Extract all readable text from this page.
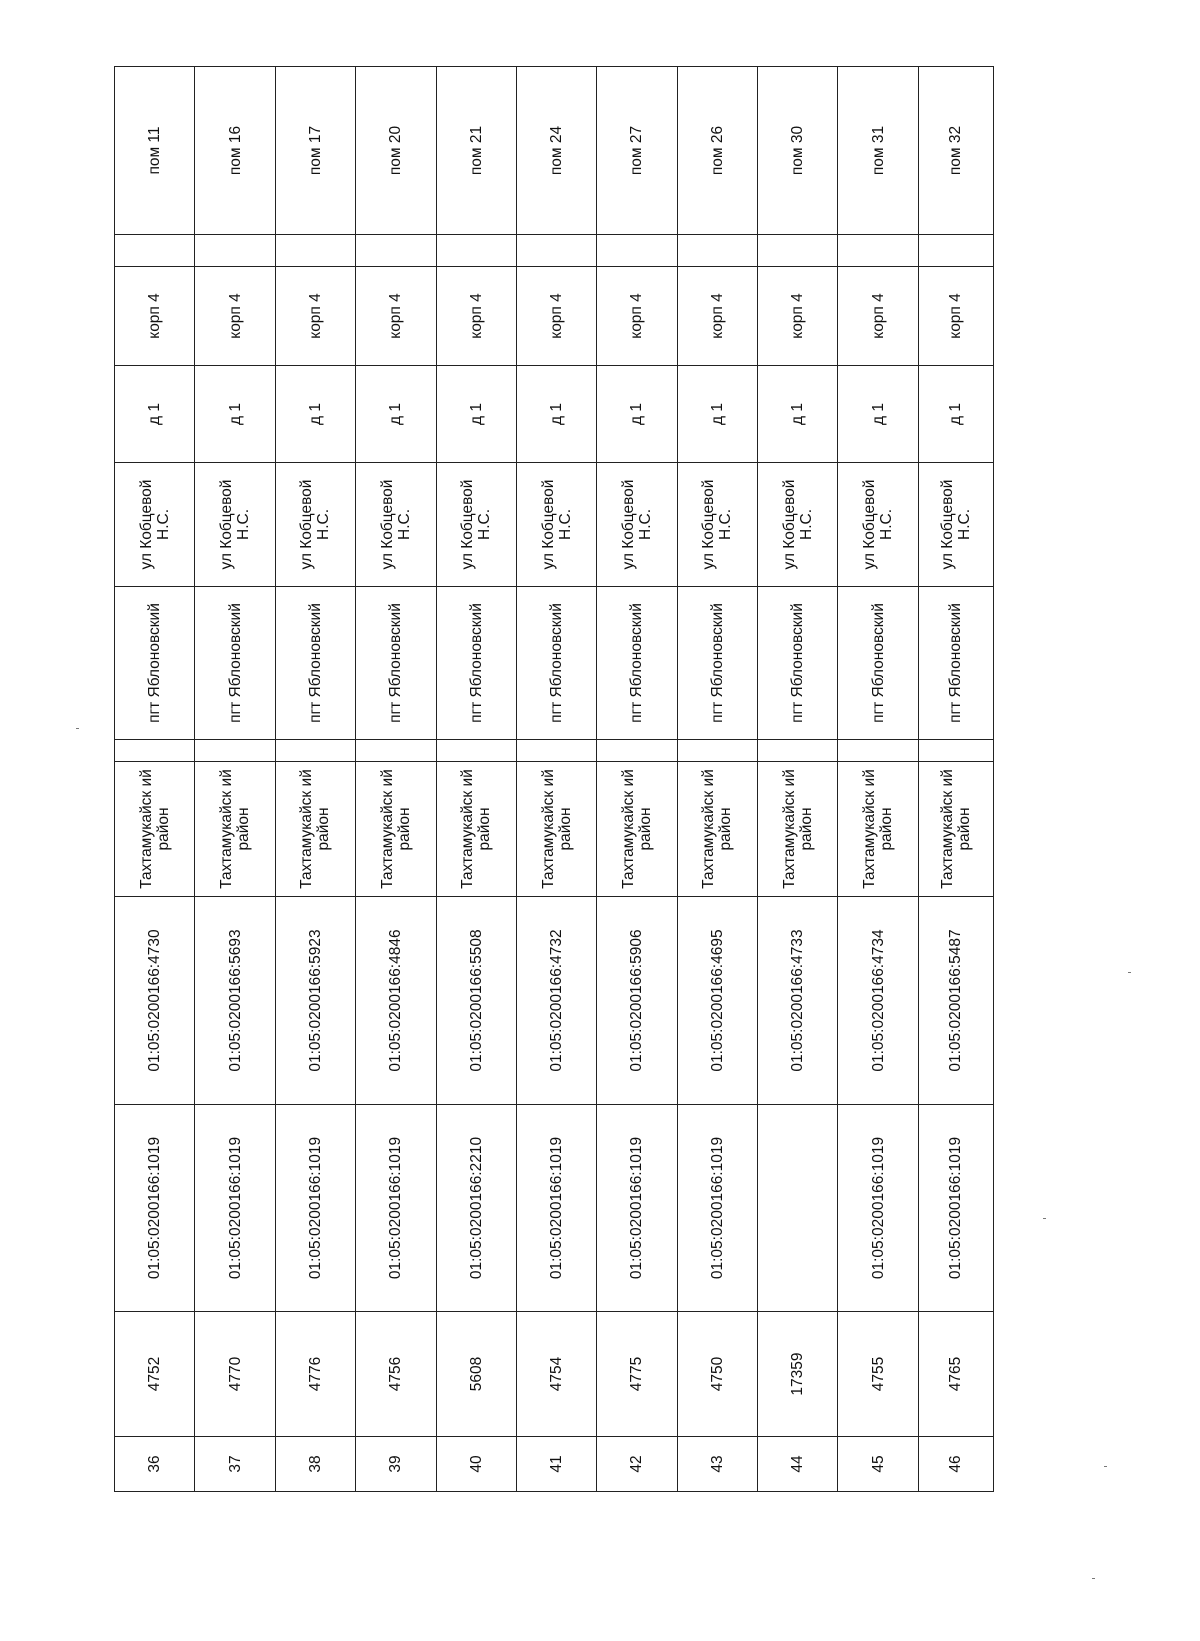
36	4752	01:05:0200166:1019	01:05:0200166:4730	Тахтамукайск ий район		пгт Яблоновский	ул Кобцевой Н.С.	д 1	корп 4		пом 11
37	4770	01:05:0200166:1019	01:05:0200166:5693	Тахтамукайск ий район		пгт Яблоновский	ул Кобцевой Н.С.	д 1	корп 4		пом 16
38	4776	01:05:0200166:1019	01:05:0200166:5923	Тахтамукайск ий район		пгт Яблоновский	ул Кобцевой Н.С.	д 1	корп 4		пом 17
39	4756	01:05:0200166:1019	01:05:0200166:4846	Тахтамукайск ий район		пгт Яблоновский	ул Кобцевой Н.С.	д 1	корп 4		пом 20
40	5608	01:05:0200166:2210	01:05:0200166:5508	Тахтамукайск ий район		пгт Яблоновский	ул Кобцевой Н.С.	д 1	корп 4		пом 21
41	4754	01:05:0200166:1019	01:05:0200166:4732	Тахтамукайск ий район		пгт Яблоновский	ул Кобцевой Н.С.	д 1	корп 4		пом 24
42	4775	01:05:0200166:1019	01:05:0200166:5906	Тахтамукайск ий район		пгт Яблоновский	ул Кобцевой Н.С.	д 1	корп 4		пом 27
43	4750	01:05:0200166:1019	01:05:0200166:4695	Тахтамукайск ий район		пгт Яблоновский	ул Кобцевой Н.С.	д 1	корп 4		пом 26
44	17359		01:05:0200166:4733	Тахтамукайск ий район		пгт Яблоновский	ул Кобцевой Н.С.	д 1	корп 4		пом 30
45	4755	01:05:0200166:1019	01:05:0200166:4734	Тахтамукайск ий район		пгт Яблоновский	ул Кобцевой Н.С.	д 1	корп 4		пом 31
46	4765	01:05:0200166:1019	01:05:0200166:5487	Тахтамукайск ий район		пгт Яблоновский	ул Кобцевой Н.С.	д 1	корп 4		пом 32
